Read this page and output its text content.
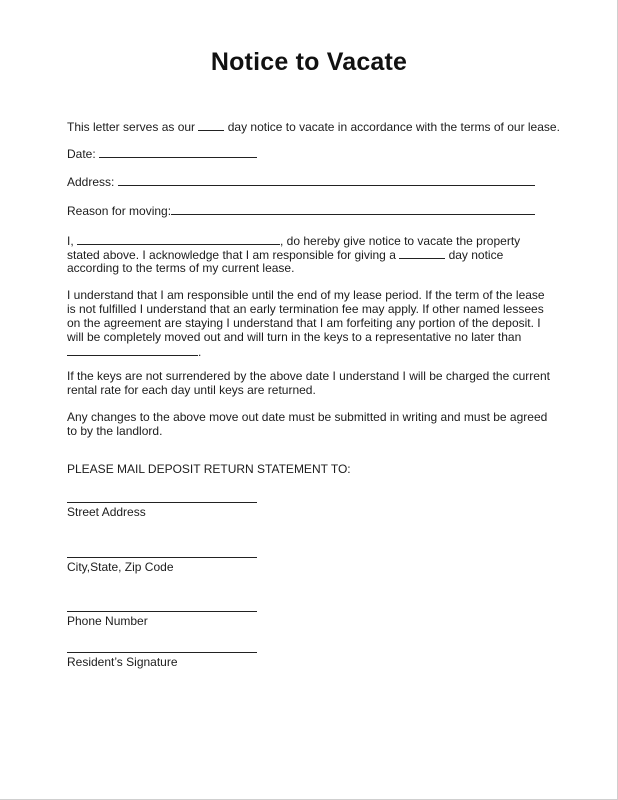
Notice to Vacate
This letter serves as our	day notice to vacate in accordance with the terms of our lease.
Date:
Address:
Reason for moving:
I,	, do hereby give notice to vacate the property
stated above. I acknowledge that I am responsible for giving a	day notice
according to the terms of my current lease.
I understand that I am responsible until the end of my lease period. If the term of the lease
is not fulfilled I understand that an early termination fee may apply. If other named lessees
on the agreement are staying I understand that I am forfeiting any portion of the deposit. I
will be completely moved out and will turn in the keys to a representative no later than
.
If the keys are not surrendered by the above date I understand I will be charged the current
rental rate for each day until keys are returned.
Any changes to the above move out date must be submitted in writing and must be agreed
to by the landlord.
PLEASE MAIL DEPOSIT RETURN STATEMENT TO:
Street Address
City,State, Zip Code
Phone Number
Resident’s Signature
